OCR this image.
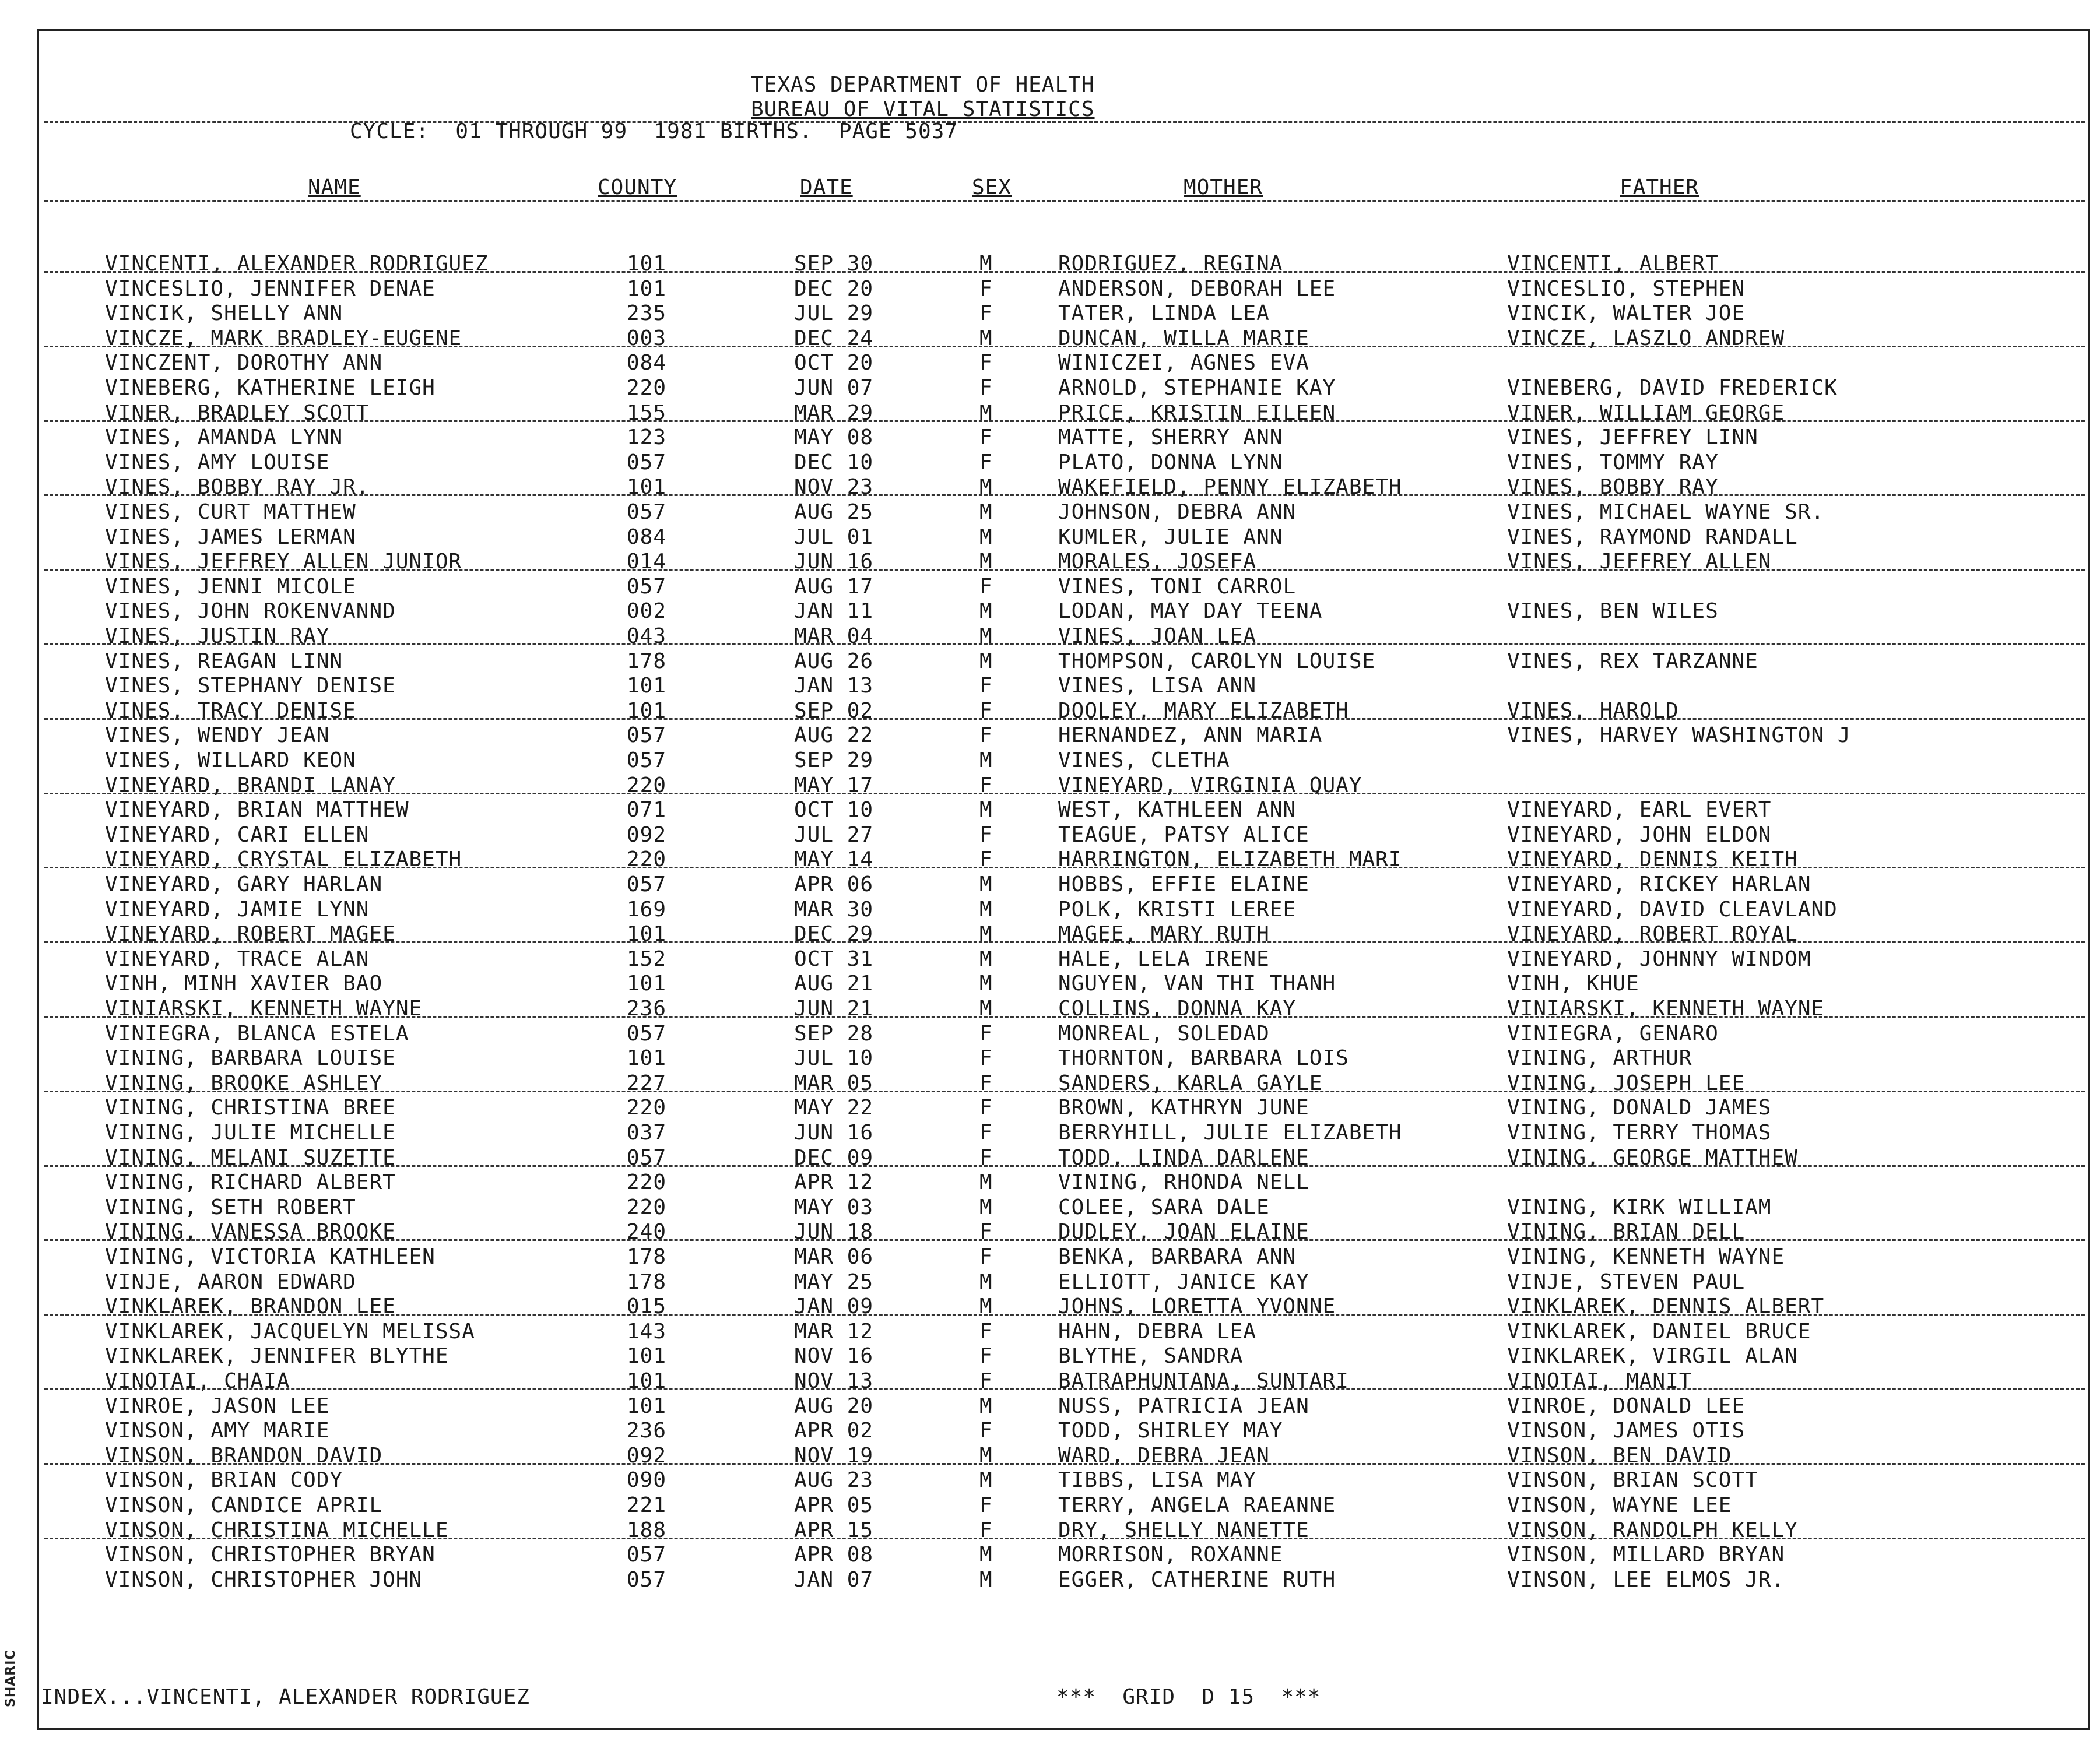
SHARIC
TEXAS DEPARTMENT OF HEALTH
BUREAU OF VITAL STATISTICS
CYCLE:  01 THROUGH 99  1981 BIRTHS.  PAGE 5037
NAME	COUNTY	DATE	SEX	MOTHER	FATHER
VINCENTI, ALEXANDER RODRIGUEZ	101	SEP 30	M	RODRIGUEZ, REGINA	VINCENTI, ALBERT
VINCESLIO, JENNIFER DENAE	101	DEC 20	F	ANDERSON, DEBORAH LEE	VINCESLIO, STEPHEN
VINCIK, SHELLY ANN	235	JUL 29	F	TATER, LINDA LEA	VINCIK, WALTER JOE
VINCZE, MARK BRADLEY-EUGENE	003	DEC 24	M	DUNCAN, WILLA MARIE	VINCZE, LASZLO ANDREW
VINCZENT, DOROTHY ANN	084	OCT 20	F	WINICZEI, AGNES EVA
VINEBERG, KATHERINE LEIGH	220	JUN 07	F	ARNOLD, STEPHANIE KAY	VINEBERG, DAVID FREDERICK
VINER, BRADLEY SCOTT	155	MAR 29	M	PRICE, KRISTIN EILEEN	VINER, WILLIAM GEORGE
VINES, AMANDA LYNN	123	MAY 08	F	MATTE, SHERRY ANN	VINES, JEFFREY LINN
VINES, AMY LOUISE	057	DEC 10	F	PLATO, DONNA LYNN	VINES, TOMMY RAY
VINES, BOBBY RAY JR.	101	NOV 23	M	WAKEFIELD, PENNY ELIZABETH	VINES, BOBBY RAY
VINES, CURT MATTHEW	057	AUG 25	M	JOHNSON, DEBRA ANN	VINES, MICHAEL WAYNE SR.
VINES, JAMES LERMAN	084	JUL 01	M	KUMLER, JULIE ANN	VINES, RAYMOND RANDALL
VINES, JEFFREY ALLEN JUNIOR	014	JUN 16	M	MORALES, JOSEFA	VINES, JEFFREY ALLEN
VINES, JENNI MICOLE	057	AUG 17	F	VINES, TONI CARROL
VINES, JOHN ROKENVANND	002	JAN 11	M	LODAN, MAY DAY TEENA	VINES, BEN WILES
VINES, JUSTIN RAY	043	MAR 04	M	VINES, JOAN LEA
VINES, REAGAN LINN	178	AUG 26	M	THOMPSON, CAROLYN LOUISE	VINES, REX TARZANNE
VINES, STEPHANY DENISE	101	JAN 13	F	VINES, LISA ANN
VINES, TRACY DENISE	101	SEP 02	F	DOOLEY, MARY ELIZABETH	VINES, HAROLD
VINES, WENDY JEAN	057	AUG 22	F	HERNANDEZ, ANN MARIA	VINES, HARVEY WASHINGTON J
VINES, WILLARD KEON	057	SEP 29	M	VINES, CLETHA
VINEYARD, BRANDI LANAY	220	MAY 17	F	VINEYARD, VIRGINIA QUAY
VINEYARD, BRIAN MATTHEW	071	OCT 10	M	WEST, KATHLEEN ANN	VINEYARD, EARL EVERT
VINEYARD, CARI ELLEN	092	JUL 27	F	TEAGUE, PATSY ALICE	VINEYARD, JOHN ELDON
VINEYARD, CRYSTAL ELIZABETH	220	MAY 14	F	HARRINGTON, ELIZABETH MARI	VINEYARD, DENNIS KEITH
VINEYARD, GARY HARLAN	057	APR 06	M	HOBBS, EFFIE ELAINE	VINEYARD, RICKEY HARLAN
VINEYARD, JAMIE LYNN	169	MAR 30	M	POLK, KRISTI LEREE	VINEYARD, DAVID CLEAVLAND
VINEYARD, ROBERT MAGEE	101	DEC 29	M	MAGEE, MARY RUTH	VINEYARD, ROBERT ROYAL
VINEYARD, TRACE ALAN	152	OCT 31	M	HALE, LELA IRENE	VINEYARD, JOHNNY WINDOM
VINH, MINH XAVIER BAO	101	AUG 21	M	NGUYEN, VAN THI THANH	VINH, KHUE
VINIARSKI, KENNETH WAYNE	236	JUN 21	M	COLLINS, DONNA KAY	VINIARSKI, KENNETH WAYNE
VINIEGRA, BLANCA ESTELA	057	SEP 28	F	MONREAL, SOLEDAD	VINIEGRA, GENARO
VINING, BARBARA LOUISE	101	JUL 10	F	THORNTON, BARBARA LOIS	VINING, ARTHUR
VINING, BROOKE ASHLEY	227	MAR 05	F	SANDERS, KARLA GAYLE	VINING, JOSEPH LEE
VINING, CHRISTINA BREE	220	MAY 22	F	BROWN, KATHRYN JUNE	VINING, DONALD JAMES
VINING, JULIE MICHELLE	037	JUN 16	F	BERRYHILL, JULIE ELIZABETH	VINING, TERRY THOMAS
VINING, MELANI SUZETTE	057	DEC 09	F	TODD, LINDA DARLENE	VINING, GEORGE MATTHEW
VINING, RICHARD ALBERT	220	APR 12	M	VINING, RHONDA NELL
VINING, SETH ROBERT	220	MAY 03	M	COLEE, SARA DALE	VINING, KIRK WILLIAM
VINING, VANESSA BROOKE	240	JUN 18	F	DUDLEY, JOAN ELAINE	VINING, BRIAN DELL
VINING, VICTORIA KATHLEEN	178	MAR 06	F	BENKA, BARBARA ANN	VINING, KENNETH WAYNE
VINJE, AARON EDWARD	178	MAY 25	M	ELLIOTT, JANICE KAY	VINJE, STEVEN PAUL
VINKLAREK, BRANDON LEE	015	JAN 09	M	JOHNS, LORETTA YVONNE	VINKLAREK, DENNIS ALBERT
VINKLAREK, JACQUELYN MELISSA	143	MAR 12	F	HAHN, DEBRA LEA	VINKLAREK, DANIEL BRUCE
VINKLAREK, JENNIFER BLYTHE	101	NOV 16	F	BLYTHE, SANDRA	VINKLAREK, VIRGIL ALAN
VINOTAI, CHAIA	101	NOV 13	F	BATRAPHUNTANA, SUNTARI	VINOTAI, MANIT
VINROE, JASON LEE	101	AUG 20	M	NUSS, PATRICIA JEAN	VINROE, DONALD LEE
VINSON, AMY MARIE	236	APR 02	F	TODD, SHIRLEY MAY	VINSON, JAMES OTIS
VINSON, BRANDON DAVID	092	NOV 19	M	WARD, DEBRA JEAN	VINSON, BEN DAVID
VINSON, BRIAN CODY	090	AUG 23	M	TIBBS, LISA MAY	VINSON, BRIAN SCOTT
VINSON, CANDICE APRIL	221	APR 05	F	TERRY, ANGELA RAEANNE	VINSON, WAYNE LEE
VINSON, CHRISTINA MICHELLE	188	APR 15	F	DRY, SHELLY NANETTE	VINSON, RANDOLPH KELLY
VINSON, CHRISTOPHER BRYAN	057	APR 08	M	MORRISON, ROXANNE	VINSON, MILLARD BRYAN
VINSON, CHRISTOPHER JOHN	057	JAN 07	M	EGGER, CATHERINE RUTH	VINSON, LEE ELMOS JR.
INDEX...VINCENTI, ALEXANDER RODRIGUEZ	***  GRID  D 15  ***
